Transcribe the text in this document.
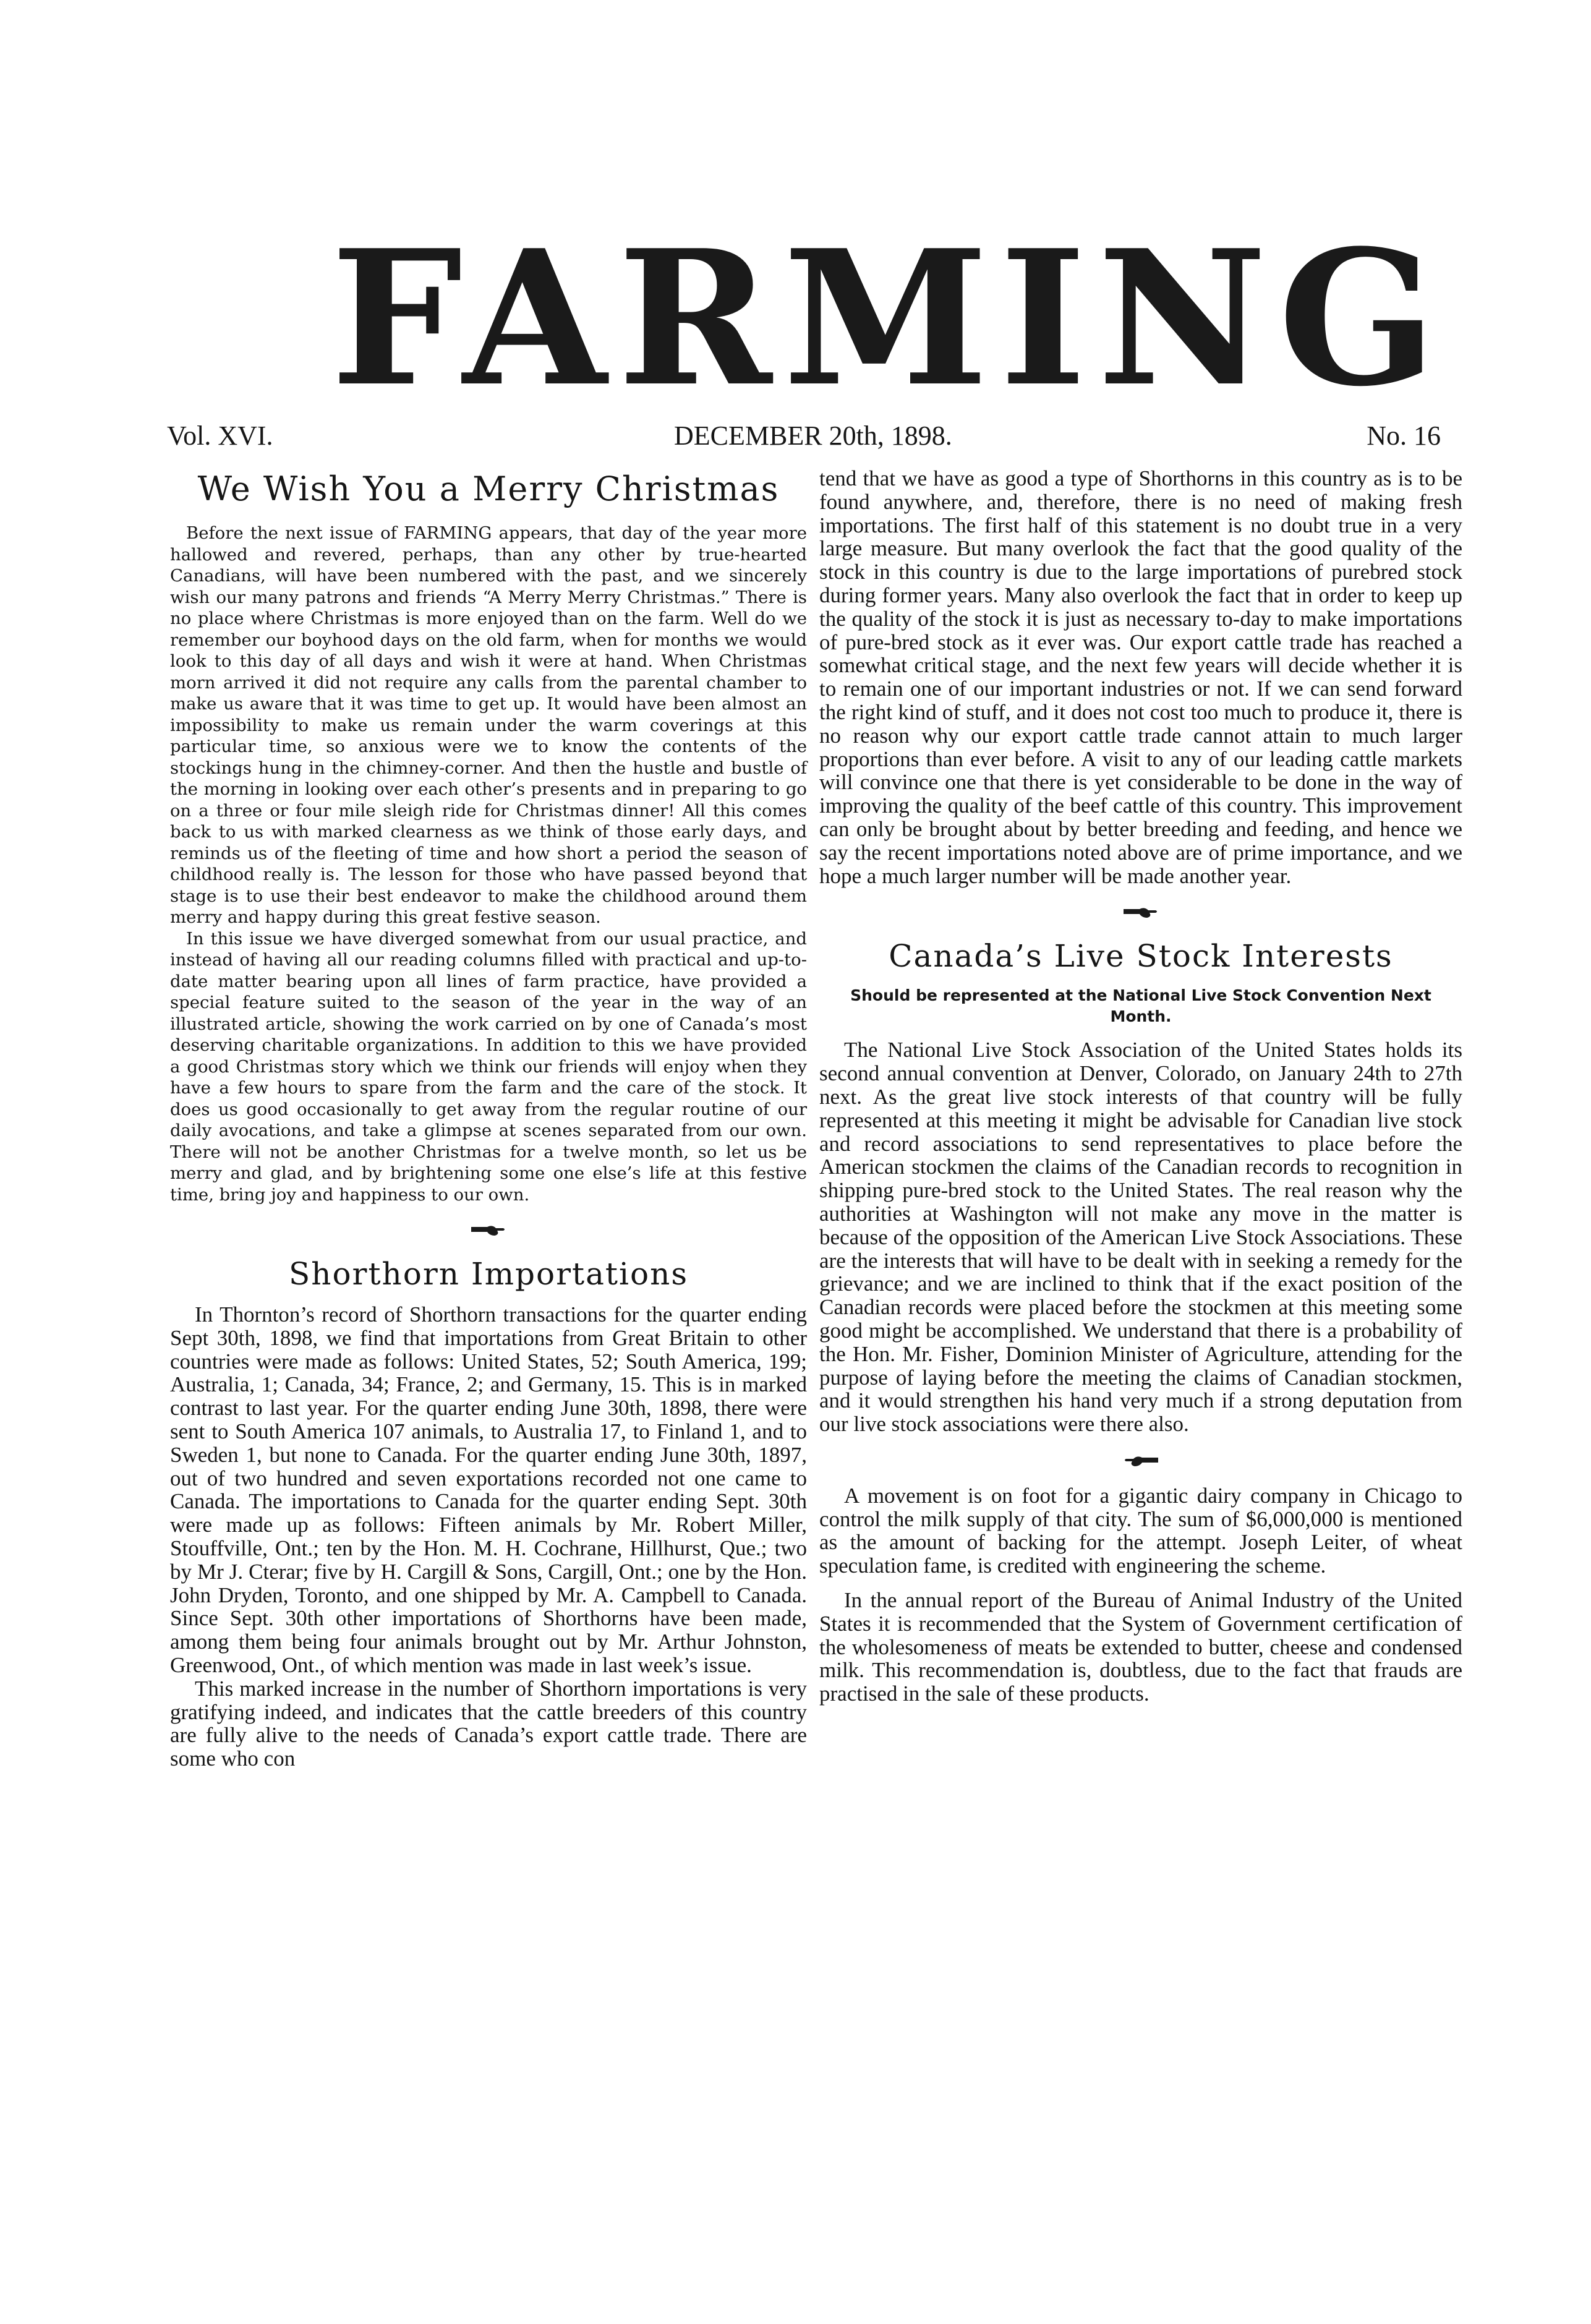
FARMING
Vol. XVI.	DECEMBER 20th, 1898.	No. 16
We Wish You a Merry Christmas

Before the next issue of FARMING appears, that day of the year more hallowed and revered, perhaps, than any other by true-hearted Canadians, will have been numbered with the past, and we sincerely wish our many patrons and friends “A Merry Merry Christmas.” There is no place where Christmas is more enjoyed than on the farm. Well do we remember our boyhood days on the old farm, when for months we would look to this day of all days and wish it were at hand. When Christmas morn arrived it did not require any calls from the parental chamber to make us aware that it was time to get up. It would have been almost an impossibility to make us remain under the warm coverings at this particular time, so anxious were we to know the contents of the stockings hung in the chimney-corner. And then the hustle and bustle of the morning in looking over each other’s presents and in preparing to go on a three or four mile sleigh ride for Christmas dinner! All this comes back to us with marked clearness as we think of those early days, and reminds us of the fleeting of time and how short a period the season of childhood really is. The lesson for those who have passed beyond that stage is to use their best endeavor to make the childhood around them merry and happy during this great festive season.

In this issue we have diverged somewhat from our usual practice, and instead of having all our reading columns filled with practical and up-to-date matter bearing upon all lines of farm practice, have provided a special feature suited to the season of the year in the way of an illustrated article, showing the work carried on by one of Canada’s most deserving charitable organizations. In addition to this we have provided a good Christmas story which we think our friends will enjoy when they have a few hours to spare from the farm and the care of the stock. It does us good occasionally to get away from the regular routine of our daily avocations, and take a glimpse at scenes separated from our own. There will not be another Christmas for a twelve month, so let us be merry and glad, and by brightening some one else’s life at this festive time, bring joy and happiness to our own.

Shorthorn Importations

In Thornton’s record of Shorthorn transactions for the quarter ending Sept 30th, 1898, we find that importations from Great Britain to other countries were made as follows: United States, 52; South America, 199; Australia, 1; Canada, 34; France, 2; and Germany, 15. This is in marked contrast to last year. For the quarter ending June 30th, 1898, there were sent to South America 107 animals, to Australia 17, to Finland 1, and to Sweden 1, but none to Canada. For the quarter ending June 30th, 1897, out of two hundred and seven exportations recorded not one came to Canada. The importations to Canada for the quarter ending Sept. 30th were made up as follows: Fifteen animals by Mr. Robert Miller, Stouffville, Ont.; ten by the Hon. M. H. Cochrane, Hillhurst, Que.; two by Mr J. Cterar; five by H. Cargill & Sons, Cargill, Ont.; one by the Hon. John Dryden, Toronto, and one shipped by Mr. A. Campbell to Canada. Since Sept. 30th other importations of Shorthorns have been made, among them being four animals brought out by Mr. Arthur Johnston, Greenwood, Ont., of which mention was made in last week’s issue.

This marked increase in the number of Shorthorn importations is very gratifying indeed, and indicates that the cattle breeders of this country are fully alive to the needs of Canada’s export cattle trade. There are some who con

tend that we have as good a type of Shorthorns in this country as is to be found anywhere, and, therefore, there is no need of making fresh importations. The first half of this statement is no doubt true in a very large measure. But many overlook the fact that the good quality of the stock in this country is due to the large importations of purebred stock during former years. Many also overlook the fact that in order to keep up the quality of the stock it is just as necessary to-day to make importations of pure-bred stock as it ever was. Our export cattle trade has reached a somewhat critical stage, and the next few years will decide whether it is to remain one of our important industries or not. If we can send forward the right kind of stuff, and it does not cost too much to produce it, there is no reason why our export cattle trade cannot attain to much larger proportions than ever before. A visit to any of our leading cattle markets will convince one that there is yet considerable to be done in the way of improving the quality of the beef cattle of this country. This improvement can only be brought about by better breeding and feeding, and hence we say the recent importations noted above are of prime importance, and we hope a much larger number will be made another year.

Canada’s Live Stock Interests

Should be represented at the National Live Stock Convention Next Month.

The National Live Stock Association of the United States holds its second annual convention at Denver, Colorado, on January 24th to 27th next. As the great live stock interests of that country will be fully represented at this meeting it might be advisable for Canadian live stock and record associations to send representatives to place before the American stockmen the claims of the Canadian records to recognition in shipping pure-bred stock to the United States. The real reason why the authorities at Washington will not make any move in the matter is because of the opposition of the American Live Stock Associations. These are the interests that will have to be dealt with in seeking a remedy for the grievance; and we are inclined to think that if the exact position of the Canadian records were placed before the stockmen at this meeting some good might be accomplished. We understand that there is a probability of the Hon. Mr. Fisher, Dominion Minister of Agriculture, attending for the purpose of laying before the meeting the claims of Canadian stockmen, and it would strengthen his hand very much if a strong deputation from our live stock associations were there also.

A movement is on foot for a gigantic dairy company in Chicago to control the milk supply of that city. The sum of $6,000,000 is mentioned as the amount of backing for the attempt. Joseph Leiter, of wheat speculation fame, is credited with engineering the scheme.

In the annual report of the Bureau of Animal Industry of the United States it is recommended that the System of Government certification of the wholesomeness of meats be extended to butter, cheese and condensed milk. This recommendation is, doubtless, due to the fact that frauds are practised in the sale of these products.
